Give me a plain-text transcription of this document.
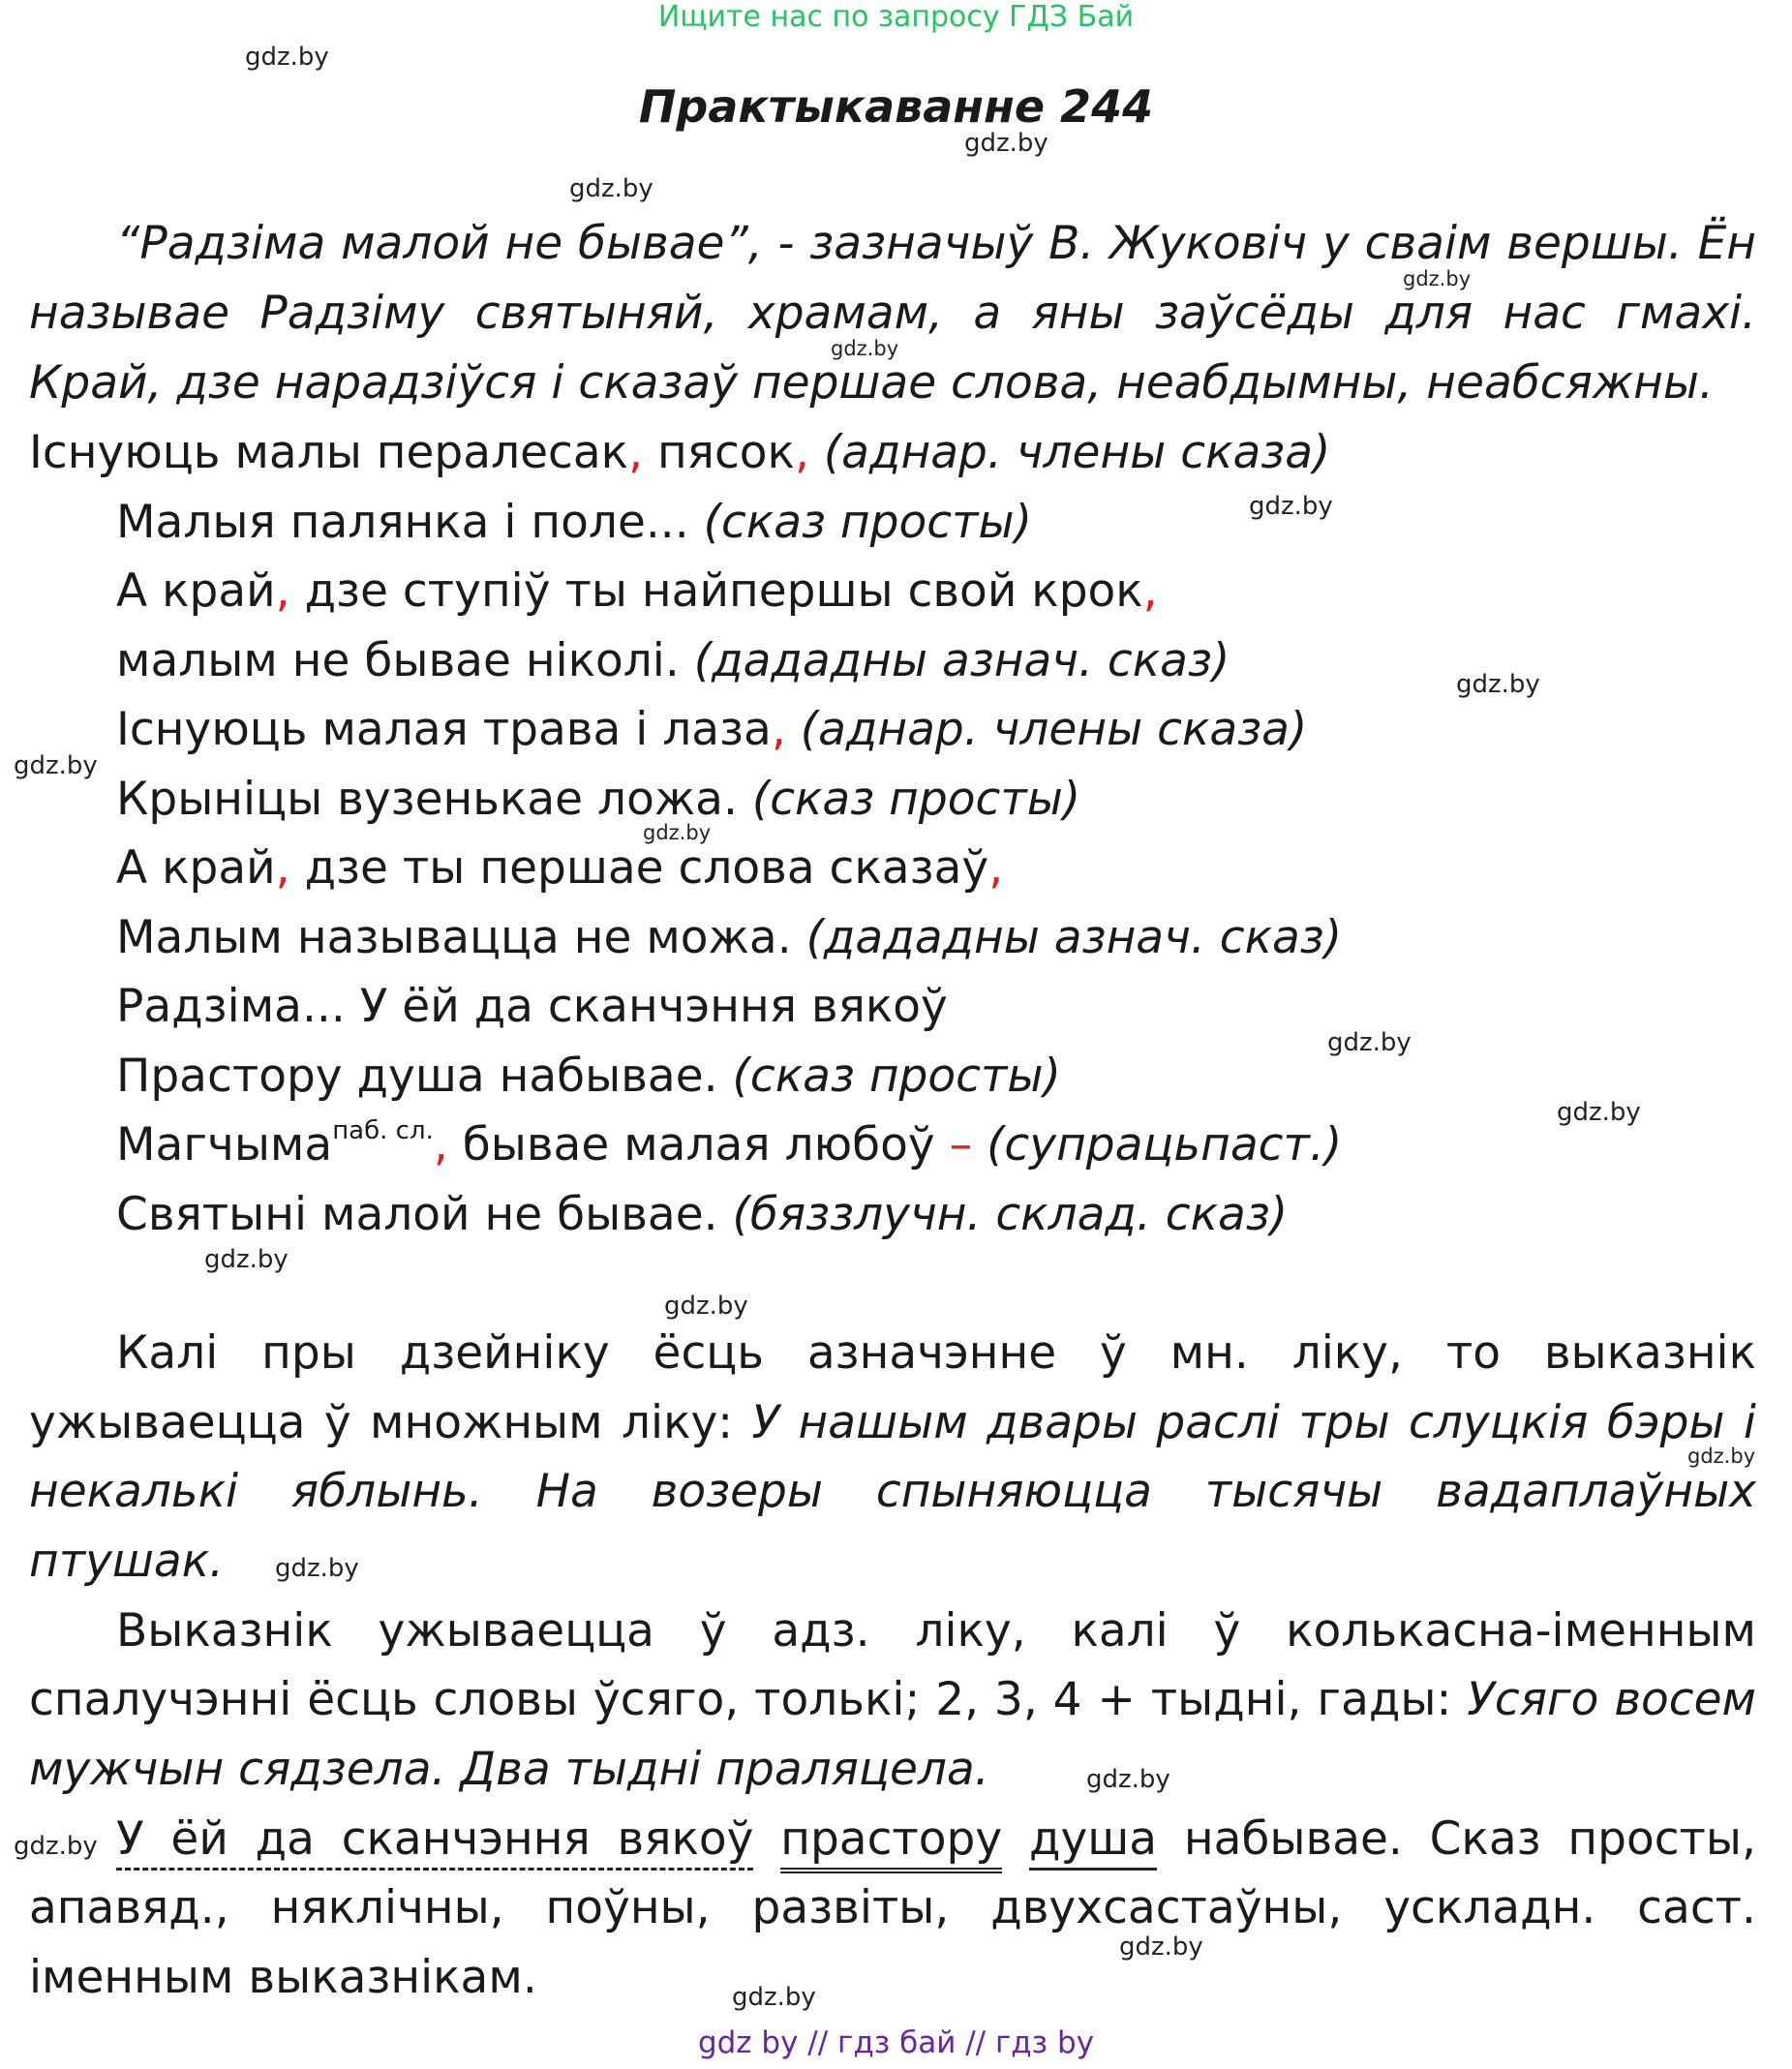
Ищите нас по запросу ГДЗ Бай
Практыкаванне 244
gdz.by
gdz.by
gdz.by
gdz.by
gdz.by
gdz.by
gdz.by
gdz.by
gdz.by
gdz.by
gdz.by
gdz.by
gdz.by
gdz.by
gdz.by
gdz.by
gdz.by
gdz.by
gdz.by
“Радзіма малой не бывае”, - зазначыў В. Жуковіч у сваім вершы. Ён
называе Радзіму святыняй, храмам, а яны заўсёды для нас гмахі.
Край, дзе нарадзіўся і сказаў першае слова, неабдымны, неабсяжны.
Існуюць малы пералесак, пясок, (аднар. члены сказа)
Малыя палянка і поле... (сказ просты)
А край, дзе ступіў ты найпершы свой крок,
малым не бывае ніколі. (дададны азнач. сказ)
Існуюць малая трава і лаза, (аднар. члены сказа)
Крыніцы вузенькае ложа. (сказ просты)
А край, дзе ты першае слова сказаў,
Малым называцца не можа. (дададны азнач. сказ)
Радзіма... У ёй да сканчэння вякоў
Прастору душа набывае. (сказ просты)
Магчыма$^{паб. сл.}$, бывае малая любоў – (супрацьпаст.)
Святыні малой не бывае. (бяззлучн. склад. сказ)
Калі пры дзейніку ёсць азначэнне ў мн. ліку, то выказнік
ужываецца ў множным ліку: У нашым двары раслі тры слуцкія бэры і
некалькі яблынь. На возеры спыняюцца тысячы вадаплаўных
птушак.
Выказнік ужываецца ў адз. ліку, калі ў колькасна-іменным
спалучэнні ёсць словы ўсяго, толькі; 2, 3, 4 + тыдні, гады: Усяго восем
мужчын сядзела. Два тыдні праляцела.
У ёй да сканчэння вякоў прастору душа набывае. Сказ просты,
апавяд., няклічны, поўны, развіты, двухсастаўны, ускладн. саст.
іменным выказнікам.
gdz by // гдз бай // гдз by
